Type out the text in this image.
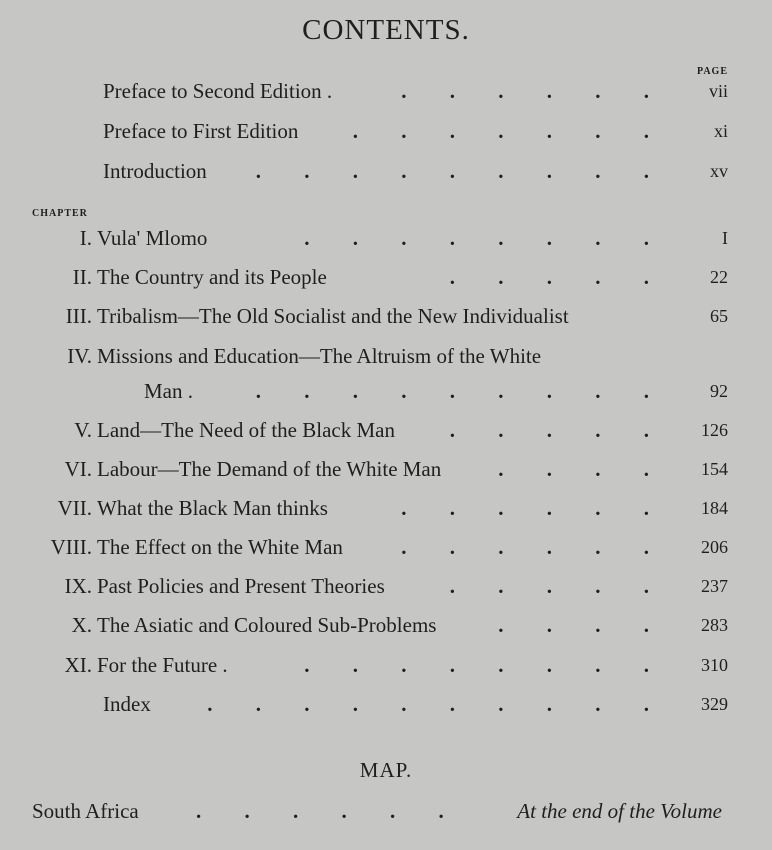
CONTENTS.
PAGE
Preface to Second Edition .	. . . . . . vii
Preface to First Edition	. . . . . . .	xi
Introduction . . . . . . . . . xv
CHAPTER
I. Vula' Mlomo	. . . . . . . .	I
II. The Country and its People	. . . . . 22
III. Tribalism—The Old Socialist and the New Individualist	65
IV. Missions and Education—The Altruism of the White
Man .	. . . . . . . . . 92
V. Land—The Need of the Black Man	. . . . . 126
VI. Labour—The Demand of the White Man	. . . . 154
VII. What the Black Man thinks	. . . . . . 184
VIII. The Effect on the White Man	. . . . . . 206
IX. Past Policies and Present Theories	. . . . . 237
X. The Asiatic and Coloured Sub-Problems	. . . . 283
XI. For the Future .	. . . . . . . . 310
Index	. . . . . . . . . . 329
MAP.
South Africa	. . . . . .	At the end of the Volume
